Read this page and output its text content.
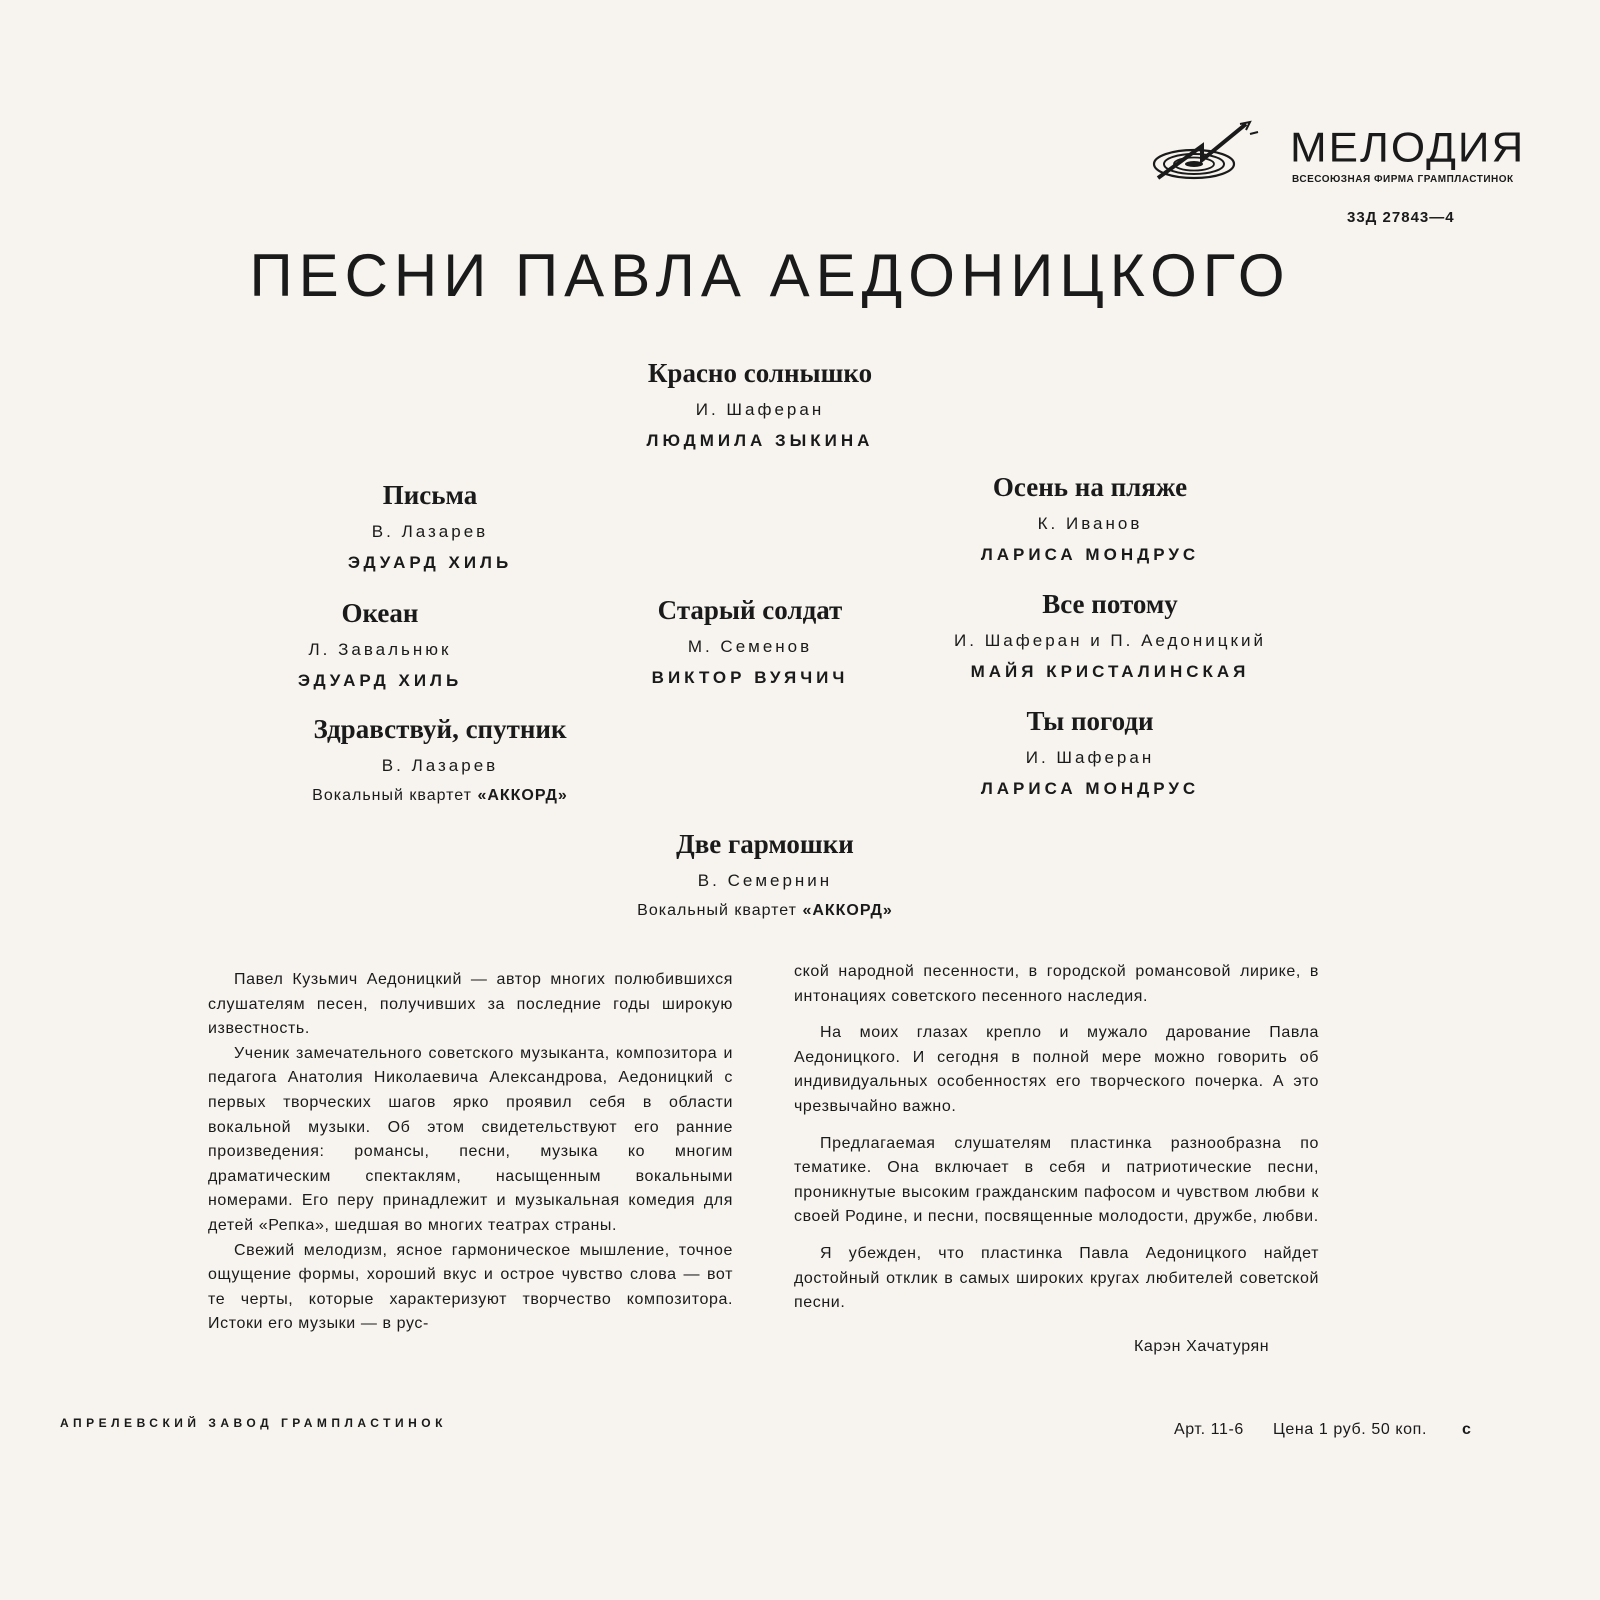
МЕЛОДИЯ
ВСЕСОЮЗНАЯ ФИРМА ГРАМПЛАСТИНОК
33Д 27843—4
ПЕСНИ ПАВЛА АЕДОНИЦКОГО
Красно солнышко
И. Шаферан
ЛЮДМИЛА ЗЫКИНА
Письма
В. Лазарев
ЭДУАРД ХИЛЬ
Осень на пляже
К. Иванов
ЛАРИСА МОНДРУС
Океан
Л. Завальнюк
ЭДУАРД ХИЛЬ
Старый солдат
М. Семенов
ВИКТОР ВУЯЧИЧ
Все потому
И. Шаферан и П. Аедоницкий
МАЙЯ КРИСТАЛИНСКАЯ
Здравствуй, спутник
В. Лазарев
Вокальный квартет «АККОРД»
Ты погоди
И. Шаферан
ЛАРИСА МОНДРУС
Две гармошки
В. Семернин
Вокальный квартет «АККОРД»

Павел Кузьмич Аедоницкий — автор многих полюбившихся слушателям песен, получивших за последние годы широкую известность.

Ученик замечательного советского музыканта, композитора и педагога Анатолия Николаевича Александрова, Аедоницкий с первых творческих шагов ярко проявил себя в области вокальной музыки. Об этом свидетельствуют его ранние произведения: романсы, песни, музыка ко многим драматическим спектаклям, насыщенным вокальными номерами. Его перу принадлежит и музыкальная комедия для детей «Репка», шедшая во многих театрах страны.

Свежий мелодизм, ясное гармоническое мышление, точное ощущение формы, хороший вкус и острое чувство слова — вот те черты, которые характеризуют творчество композитора. Истоки его музыки — в рус-

ской народной песенности, в городской романсовой лирике, в интонациях советского песенного наследия.

На моих глазах крепло и мужало дарование Павла Аедоницкого. И сегодня в полной мере можно говорить об индивидуальных особенностях его творческого почерка. А это чрезвычайно важно.

Предлагаемая слушателям пластинка разнообразна по тематике. Она включает в себя и патриотические песни, проникнутые высоким гражданским пафосом и чувством любви к своей Родине, и песни, посвященные молодости, дружбе, любви.

Я убежден, что пластинка Павла Аедоницкого найдет достойный отклик в самых широких кругах любителей советской песни.

Карэн Хачатурян
АПРЕЛЕВСКИЙ ЗАВОД ГРАМПЛАСТИНОК	Арт. 11-6 Цена 1 руб. 50 коп. с
